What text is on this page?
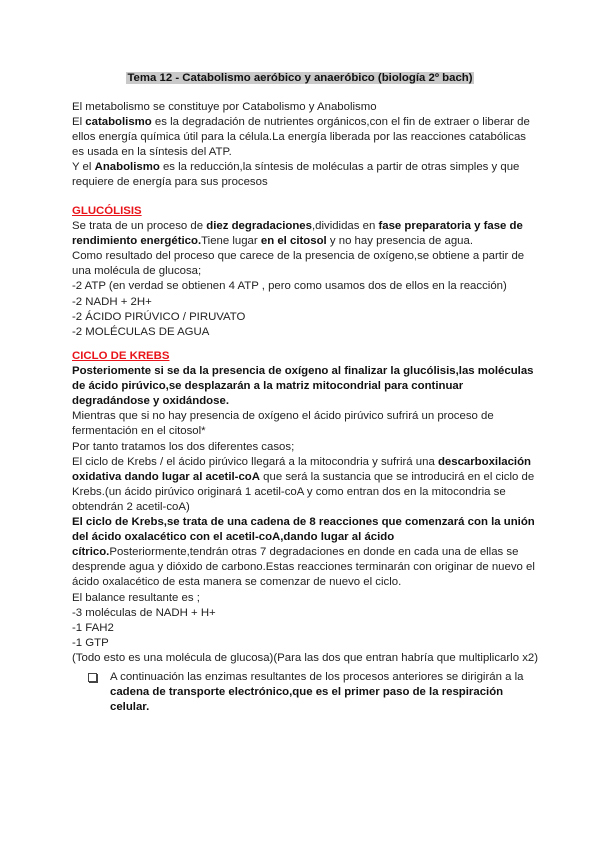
Tema 12 - Catabolismo aeróbico y anaeróbico (biología 2º bach)
El metabolismo se constituye por Catabolismo y Anabolismo
El catabolismo es la degradación de nutrientes orgánicos,con el fin de extraer o liberar de
ellos energía química útil para la célula.La energía liberada por las reacciones catabólicas
es usada en la síntesis del ATP.
Y el Anabolismo es la reducción,la síntesis de moléculas a partir de otras simples y que
requiere de energía para sus procesos
GLUCÓLISIS
Se trata de un proceso de diez degradaciones,divididas en fase preparatoria y fase de
rendimiento energético.Tiene lugar en el citosol y no hay presencia de agua.
Como resultado del proceso que carece de la presencia de oxígeno,se obtiene a partir de
una molécula de glucosa;
-2 ATP (en verdad se obtienen 4 ATP , pero como usamos dos de ellos en la reacción)
-2 NADH + 2H+
-2 ÁCIDO PIRÚVICO / PIRUVATO
-2 MOLÉCULAS DE AGUA
CICLO DE KREBS
Posteriomente si se da la presencia de oxígeno al finalizar la glucólisis,las moléculas
de ácido pirúvico,se desplazarán a la matriz mitocondrial para continuar
degradándose y oxidándose.
Mientras que si no hay presencia de oxígeno el ácido pirúvico sufrirá un proceso de
fermentación en el citosol*
Por tanto tratamos los dos diferentes casos;
El ciclo de Krebs / el ácido pirúvico llegará a la mitocondria y sufrirá una descarboxilación
oxidativa dando lugar al acetil-coA que será la sustancia que se introducirá en el ciclo de
Krebs.(un ácido pirúvico originará 1 acetil-coA y como entran dos en la mitocondria se
obtendrán 2 acetil-coA)
El ciclo de Krebs,se trata de una cadena de 8 reacciones que comenzará con la unión
del ácido oxalacético con el acetil-coA,dando lugar al ácido
cítrico.Posteriormente,tendrán otras 7 degradaciones en donde en cada una de ellas se
desprende agua y dióxido de carbono.Estas reacciones terminarán con originar de nuevo el
ácido oxalacético de esta manera se comenzar de nuevo el ciclo.
El balance resultante es ;
-3 moléculas de NADH + H+
-1 FAH2
-1 GTP
(Todo esto es una molécula de glucosa)(Para las dos que entran habría que multiplicarlo x2)
A continuación las enzimas resultantes de los procesos anteriores se dirigirán a la
cadena de transporte electrónico,que es el primer paso de la respiración
celular.
